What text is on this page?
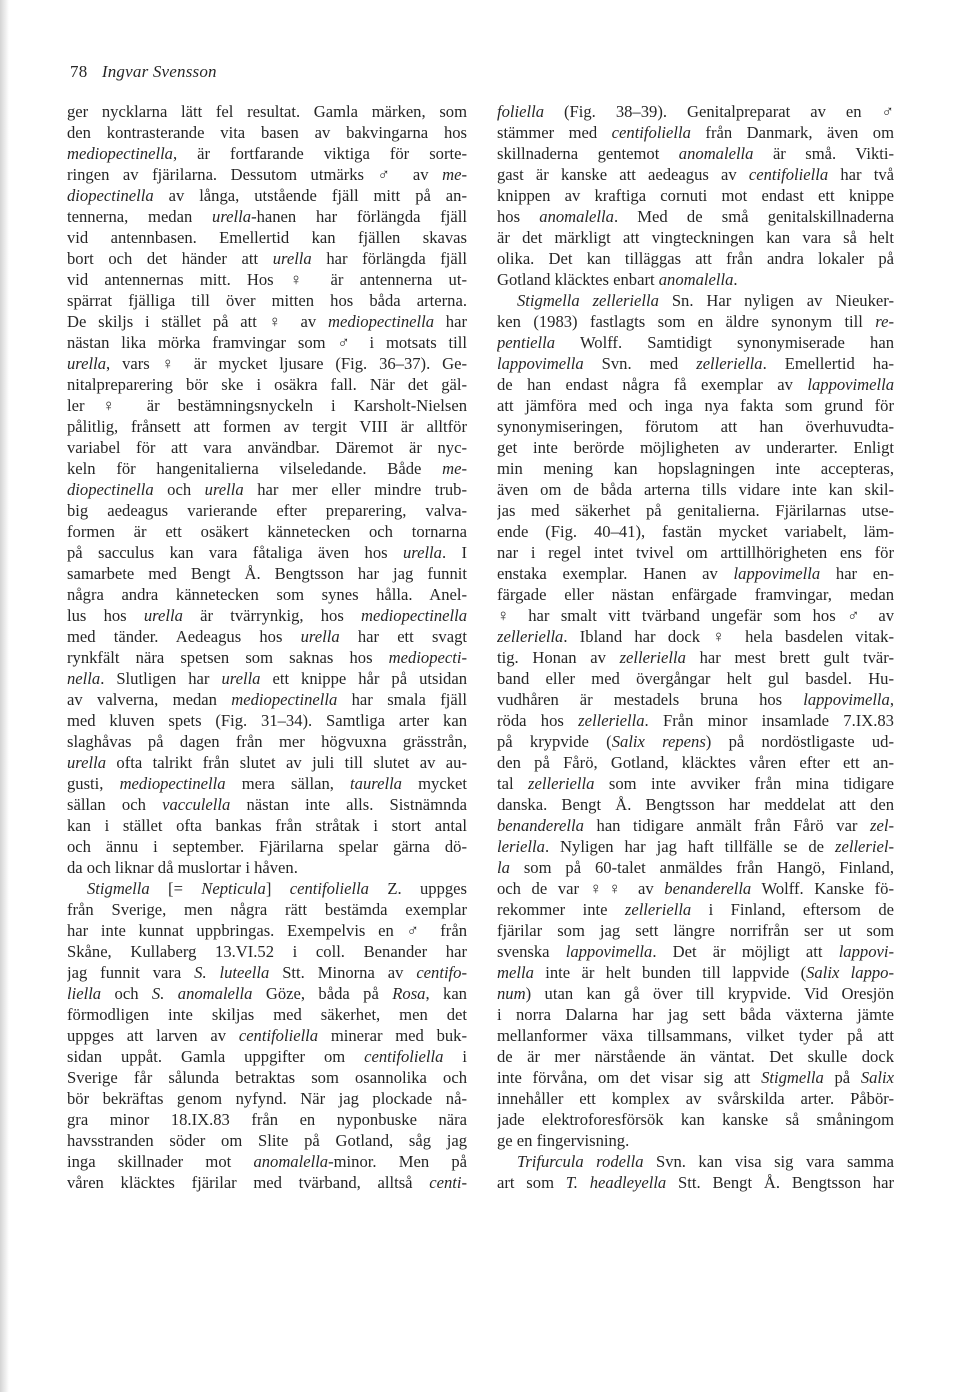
78 Ingvar Svensson
ger nycklarna lätt fel resultat. Gamla märken, som
den kontrasterande vita basen av bakvingarna hos
mediopectinella, är fortfarande viktiga för sorte-
ringen av fjärilarna. Dessutom utmärks ♂ av me-
diopectinella av långa, utstående fjäll mitt på an-
tennerna, medan urella-hanen har förlängda fjäll
vid antennbasen. Emellertid kan fjällen skavas
bort och det händer att urella har förlängda fjäll
vid antennernas mitt. Hos ♀ är antennerna ut-
spärrat fjälliga till över mitten hos båda arterna.
De skiljs i stället på att ♀ av mediopectinella har
nästan lika mörka framvingar som ♂ i motsats till
urella, vars ♀ är mycket ljusare (Fig. 36–37). Ge-
nitalpreparering bör ske i osäkra fall. När det gäl-
ler ♀ är bestämningsnyckeln i Karsholt-Nielsen
pålitlig, frånsett att formen av tergit VIII är alltför
variabel för att vara användbar. Däremot är nyc-
keln för hangenitalierna vilseledande. Både me-
diopectinella och urella har mer eller mindre trub-
big aedeagus varierande efter preparering, valva-
formen är ett osäkert kännetecken och tornarna
på sacculus kan vara fåtaliga även hos urella. I
samarbete med Bengt Å. Bengtsson har jag funnit
några andra kännetecken som synes hålla. Anel-
lus hos urella är tvärrynkig, hos mediopectinella
med tänder. Aedeagus hos urella har ett svagt
rynkfält nära spetsen som saknas hos mediopecti-
nella. Slutligen har urella ett knippe hår på utsidan
av valverna, medan mediopectinella har smala fjäll
med kluven spets (Fig. 31–34). Samtliga arter kan
slaghåvas på dagen från mer högvuxna grässtrån,
urella ofta talrikt från slutet av juli till slutet av au-
gusti, mediopectinella mera sällan, taurella mycket
sällan och vacculella nästan inte alls. Sistnämnda
kan i stället ofta bankas från stråtak i stort antal
och ännu i september. Fjärilarna spelar gärna dö-
da och liknar då muslortar i håven.
Stigmella [= Nepticula] centifoliella Z. uppges
från Sverige, men några rätt bestämda exemplar
har inte kunnat uppbringas. Exempelvis en ♂ från
Skåne, Kullaberg 13.VI.52 i coll. Benander har
jag funnit vara S. luteella Stt. Minorna av centifo-
liella och S. anomalella Göze, båda på Rosa, kan
förmodligen inte skiljas med säkerhet, men det
uppges att larven av centifoliella minerar med buk-
sidan uppåt. Gamla uppgifter om centifoliella i
Sverige får sålunda betraktas som osannolika och
bör bekräftas genom nyfynd. När jag plockade nå-
gra minor 18.IX.83 från en nyponbuske nära
havsstranden söder om Slite på Gotland, såg jag
inga skillnader mot anomalella-minor. Men på
våren kläcktes fjärilar med tvärband, alltså centi-
foliella (Fig. 38–39). Genitalpreparat av en ♂
stämmer med centifoliella från Danmark, även om
skillnaderna gentemot anomalella är små. Vikti-
gast är kanske att aedeagus av centifoliella har två
knippen av kraftiga cornuti mot endast ett knippe
hos anomalella. Med de små genitalskillnaderna
är det märkligt att vingteckningen kan vara så helt
olika. Det kan tilläggas att från andra lokaler på
Gotland kläcktes enbart anomalella.
Stigmella zelleriella Sn. Har nyligen av Nieuker-
ken (1983) fastlagts som en äldre synonym till re-
pentiella Wolff. Samtidigt synonymiserade han
lappovimella Svn. med zelleriella. Emellertid ha-
de han endast några få exemplar av lappovimella
att jämföra med och inga nya fakta som grund för
synonymiseringen, förutom att han överhuvudta-
get inte berörde möjligheten av underarter. Enligt
min mening kan hopslagningen inte accepteras,
även om de båda arterna tills vidare inte kan skil-
jas med säkerhet på genitalierna. Fjärilarnas utse-
ende (Fig. 40–41), fastän mycket variabelt, läm-
nar i regel intet tvivel om arttillhörigheten ens för
enstaka exemplar. Hanen av lappovimella har en-
färgade eller nästan enfärgade framvingar, medan
♀ har smalt vitt tvärband ungefär som hos ♂ av
zelleriella. Ibland har dock ♀ hela basdelen vitak-
tig. Honan av zelleriella har mest brett gult tvär-
band eller med övergångar helt gul basdel. Hu-
vudhåren är mestadels bruna hos lappovimella,
röda hos zelleriella. Från minor insamlade 7.IX.83
på krypvide (Salix repens) på nordöstligaste ud-
den på Fårö, Gotland, kläcktes våren efter ett an-
tal zelleriella som inte avviker från mina tidigare
danska. Bengt Å. Bengtsson har meddelat att den
benanderella han tidigare anmält från Fårö var zel-
leriella. Nyligen har jag haft tillfälle se de zelleriel-
la som på 60-talet anmäldes från Hangö, Finland,
och de var ♀♀ av benanderella Wolff. Kanske fö-
rekommer inte zelleriella i Finland, eftersom de
fjärilar som jag sett längre norrifrån ser ut som
svenska lappovimella. Det är möjligt att lappovi-
mella inte är helt bunden till lappvide (Salix lappo-
num) utan kan gå över till krypvide. Vid Oresjön
i norra Dalarna har jag sett båda växterna jämte
mellanformer växa tillsammans, vilket tyder på att
de är mer närstående än väntat. Det skulle dock
inte förvåna, om det visar sig att Stigmella på Salix
innehåller ett komplex av svårskilda arter. Påbör-
jade elektroforesförsök kan kanske så småningom
ge en fingervisning.
Trifurcula rodella Svn. kan visa sig vara samma
art som T. headleyella Stt. Bengt Å. Bengtsson har
